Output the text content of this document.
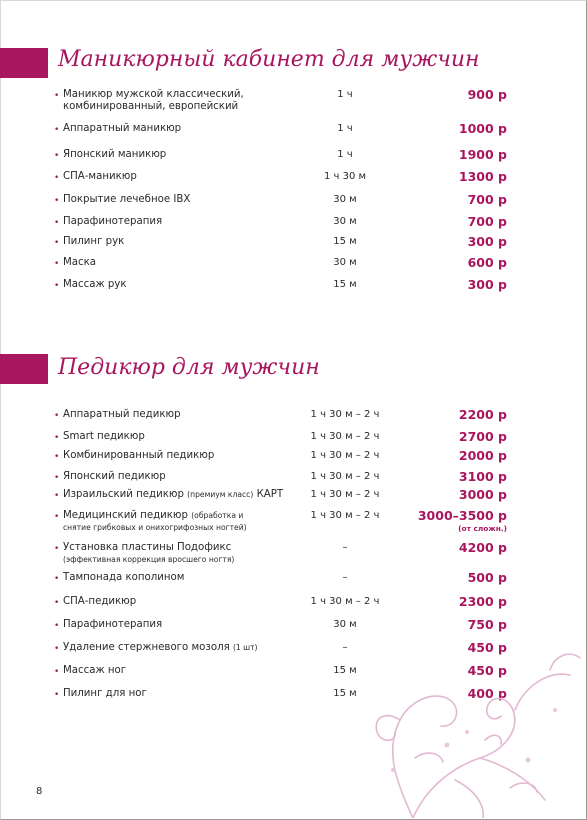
Маникюрный кабинет для мужчин
• Маникюр мужской классический,
комбинированный, европейский
1 ч	900 р
• Аппаратный маникюр	1 ч	1000 р
• Японский маникюр	1 ч	1900 р
• СПА-маникюр	1 ч 30 м	1300 р
• Покрытие лечебное IBX	30 м	700 р
• Парафинотерапия	30 м	700 р
• Пилинг рук	15 м	300 р
• Маска	30 м	600 р
• Массаж рук	15 м	300 р
Педикюр для мужчин
• Аппаратный педикюр	1 ч 30 м – 2 ч	2200 р
• Smart педикюр	1 ч 30 м – 2 ч	2700 р
• Комбинированный педикюр	1 ч 30 м – 2 ч	2000 р
• Японский педикюр	1 ч 30 м – 2 ч	3100 р
• Израильский педикюр (премиум класс) КАРТ	1 ч 30 м – 2 ч	3000 р
• Медицинский педикюр (обработка и
снятие грибковых и онихогрифозных ногтей)
1 ч 30 м – 2 ч	3000–3500 р
(от сложн.)
• Установка пластины Подофикс
(эффективная коррекция вросшего ногтя)
–	4200 р
• Тампонада кополином	–	500 р
• СПА-педикюр	1 ч 30 м – 2 ч	2300 р
• Парафинотерапия	30 м	750 р
• Удаление стержневого мозоля (1 шт)	–	450 р
• Массаж ног	15 м	450 р
• Пилинг для ног	15 м	400 р
8
